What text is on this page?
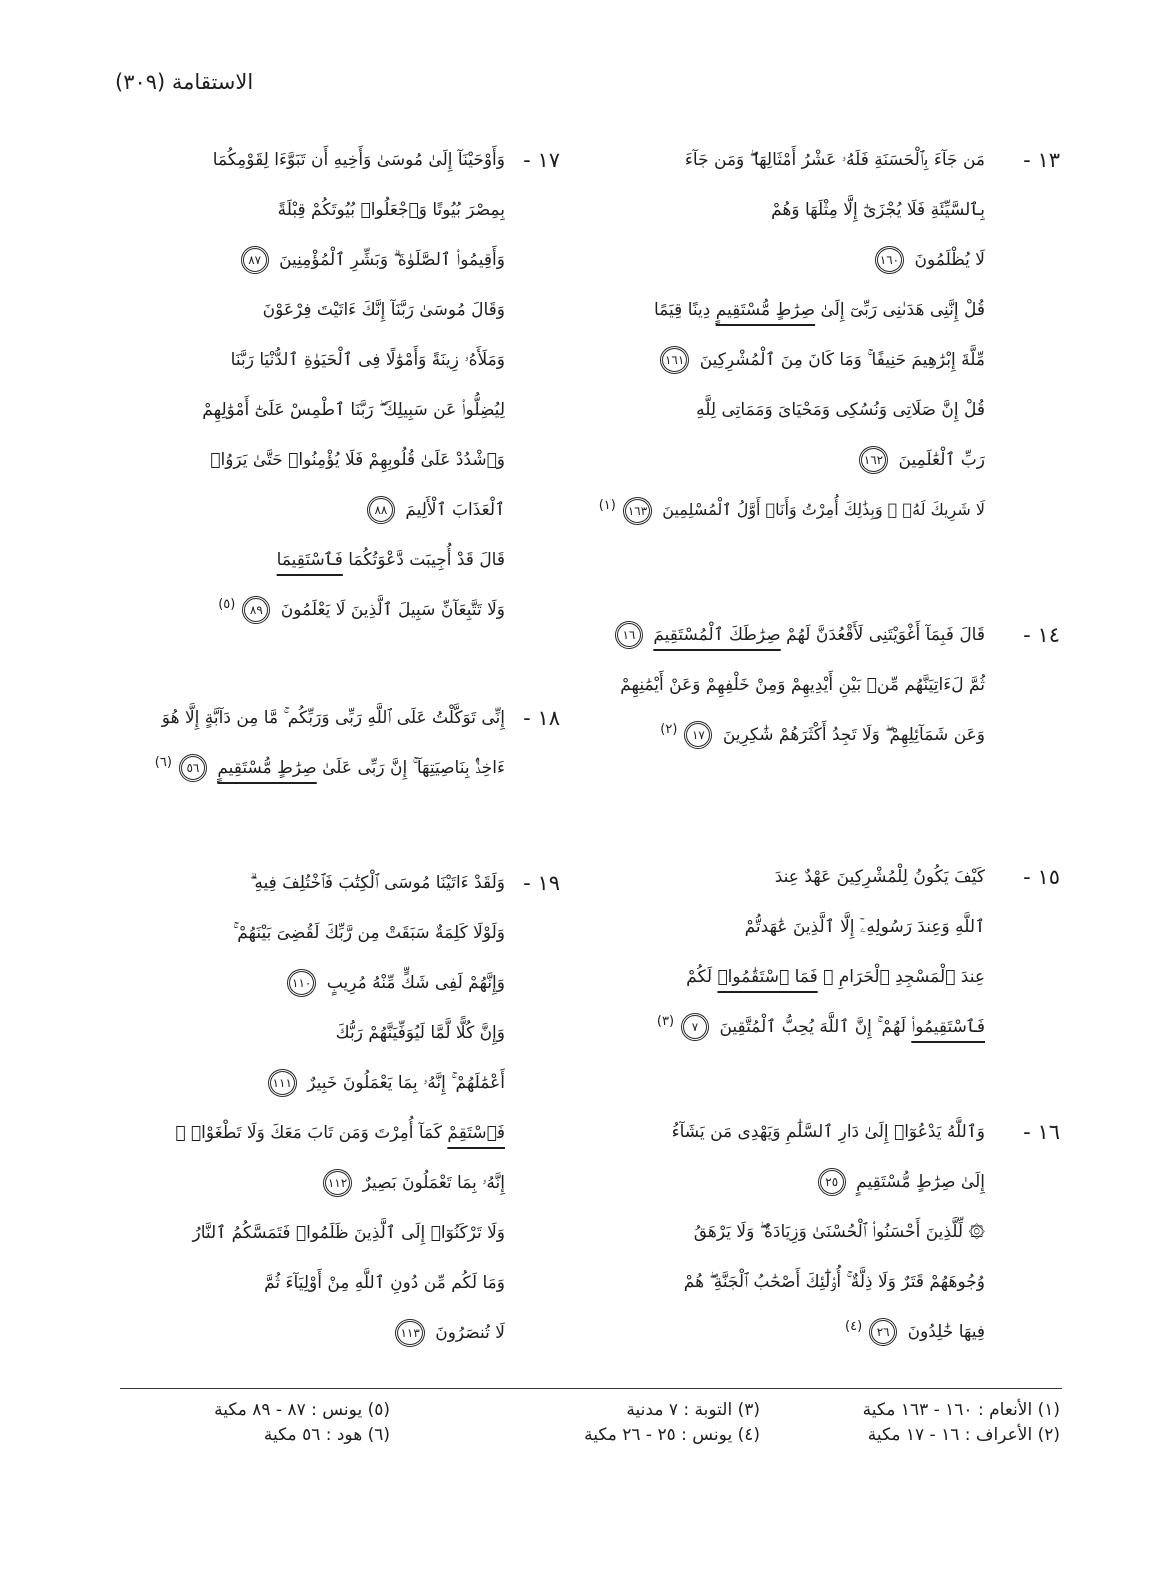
الاستقامة (٣٠٩)
١٣ -
مَن جَآءَ بِٱلْحَسَنَةِ فَلَهُۥ عَشْرُ أَمْثَالِهَا ۖ وَمَن جَآءَ
بِٱلسَّيِّئَةِ فَلَا يُجْزَىٰٓ إِلَّا مِثْلَهَا وَهُمْ
لَا يُظْلَمُونَ ١٦٠
قُلْ إِنَّنِى هَدَىٰنِى رَبِّىٓ إِلَىٰ صِرَٰطٍ مُّسْتَقِيمٍ دِينًا قِيَمًا
مِّلَّةَ إِبْرَٰهِيمَ حَنِيفًا ۚ وَمَا كَانَ مِنَ ٱلْمُشْرِكِينَ ١٦١
قُلْ إِنَّ صَلَاتِى وَنُسُكِى وَمَحْيَاىَ وَمَمَاتِى لِلَّهِ
رَبِّ ٱلْعَٰلَمِينَ ١٦٢
لَا شَرِيكَ لَهُۥ ۖ وَبِذَٰلِكَ أُمِرْتُ وَأَنَا۠ أَوَّلُ ٱلْمُسْلِمِينَ ١٦٣$^{(١)}$
١٤ -
قَالَ فَبِمَآ أَغْوَيْتَنِى لَأَقْعُدَنَّ لَهُمْ صِرَٰطَكَ ٱلْمُسْتَقِيمَ ١٦
ثُمَّ لَءَاتِيَنَّهُم مِّنۢ بَيْنِ أَيْدِيهِمْ وَمِنْ خَلْفِهِمْ وَعَنْ أَيْمَٰنِهِمْ
وَعَن شَمَآئِلِهِمْ ۖ وَلَا تَجِدُ أَكْثَرَهُمْ شَٰكِرِينَ ١٧$^{(٢)}$
١٥ -
كَيْفَ يَكُونُ لِلْمُشْرِكِينَ عَهْدٌ عِندَ
ٱللَّهِ وَعِندَ رَسُولِهِۦٓ إِلَّا ٱلَّذِينَ عَٰهَدتُّمْ
عِندَ ٱلْمَسْجِدِ ٱلْحَرَامِ ۖ فَمَا ٱسْتَقَٰمُوا۟ لَكُمْ
فَٱسْتَقِيمُوا۟ لَهُمْ ۚ إِنَّ ٱللَّهَ يُحِبُّ ٱلْمُتَّقِينَ ٧$^{(٣)}$
١٦ -
وَٱللَّهُ يَدْعُوٓا۟ إِلَىٰ دَارِ ٱلسَّلَٰمِ وَيَهْدِى مَن يَشَآءُ
إِلَىٰ صِرَٰطٍ مُّسْتَقِيمٍ ٢٥
۞ لِّلَّذِينَ أَحْسَنُوا۟ ٱلْحُسْنَىٰ وَزِيَادَةٌ ۖ وَلَا يَرْهَقُ
وُجُوهَهُمْ قَتَرٌ وَلَا ذِلَّةٌ ۚ أُو۟لَٰٓئِكَ أَصْحَٰبُ ٱلْجَنَّةِ ۖ هُمْ
فِيهَا خَٰلِدُونَ ٢٦$^{(٤)}$
١٧ -
وَأَوْحَيْنَآ إِلَىٰ مُوسَىٰ وَأَخِيهِ أَن تَبَوَّءَا لِقَوْمِكُمَا
بِمِصْرَ بُيُوتًا وَٱجْعَلُوا۟ بُيُوتَكُمْ قِبْلَةً
وَأَقِيمُوا۟ ٱلصَّلَوٰةَ ۗ وَبَشِّرِ ٱلْمُؤْمِنِينَ ٨٧
وَقَالَ مُوسَىٰ رَبَّنَآ إِنَّكَ ءَاتَيْتَ فِرْعَوْنَ
وَمَلَأَهُۥ زِينَةً وَأَمْوَٰلًا فِى ٱلْحَيَوٰةِ ٱلدُّنْيَا رَبَّنَا
لِيُضِلُّوا۟ عَن سَبِيلِكَ ۖ رَبَّنَا ٱطْمِسْ عَلَىٰٓ أَمْوَٰلِهِمْ
وَٱشْدُدْ عَلَىٰ قُلُوبِهِمْ فَلَا يُؤْمِنُوا۟ حَتَّىٰ يَرَوُا۟
ٱلْعَذَابَ ٱلْأَلِيمَ ٨٨
قَالَ قَدْ أُجِيبَت دَّعْوَتُكُمَا فَٱسْتَقِيمَا
وَلَا تَتَّبِعَآنِّ سَبِيلَ ٱلَّذِينَ لَا يَعْلَمُونَ ٨٩$^{(٥)}$
١٨ -
إِنِّى تَوَكَّلْتُ عَلَى ٱللَّهِ رَبِّى وَرَبِّكُم ۚ مَّا مِن دَآبَّةٍ إِلَّا هُوَ
ءَاخِذٌۢ بِنَاصِيَتِهَآ ۚ إِنَّ رَبِّى عَلَىٰ صِرَٰطٍ مُّسْتَقِيمٍ ٥٦$^{(٦)}$
١٩ -
وَلَقَدْ ءَاتَيْنَا مُوسَى ٱلْكِتَٰبَ فَٱخْتُلِفَ فِيهِ ۗ
وَلَوْلَا كَلِمَةٌ سَبَقَتْ مِن رَّبِّكَ لَقُضِىَ بَيْنَهُمْ ۚ
وَإِنَّهُمْ لَفِى شَكٍّ مِّنْهُ مُرِيبٍ ١١٠
وَإِنَّ كُلًّا لَّمَّا لَيُوَفِّيَنَّهُمْ رَبُّكَ
أَعْمَٰلَهُمْ ۚ إِنَّهُۥ بِمَا يَعْمَلُونَ خَبِيرٌ ١١١
فَٱسْتَقِمْ كَمَآ أُمِرْتَ وَمَن تَابَ مَعَكَ وَلَا تَطْغَوْا۟ ۚ
إِنَّهُۥ بِمَا تَعْمَلُونَ بَصِيرٌ ١١٢
وَلَا تَرْكَنُوٓا۟ إِلَى ٱلَّذِينَ ظَلَمُوا۟ فَتَمَسَّكُمُ ٱلنَّارُ
وَمَا لَكُم مِّن دُونِ ٱللَّهِ مِنْ أَوْلِيَآءَ ثُمَّ
لَا تُنصَرُونَ ١١٣
(١) الأنعام : ١٦٠ - ١٦٣ مكية
(٢) الأعراف : ١٦ - ١٧ مكية
(٣) التوبة : ٧ مدنية
(٤) يونس : ٢٥ - ٢٦ مكية
(٥) يونس : ٨٧ - ٨٩ مكية
(٦) هود : ٥٦ مكية
